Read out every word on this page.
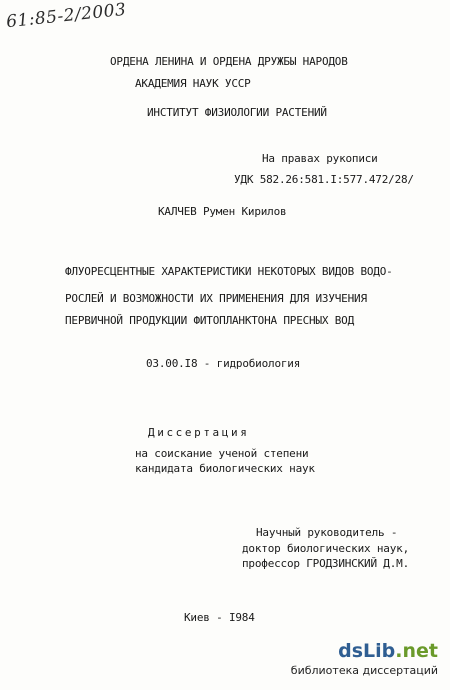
61:85-2/2003
ОРДЕНА ЛЕНИНА И ОРДЕНА ДРУЖБЫ НАРОДОВ
АКАДЕМИЯ НАУК УССР
ИНСТИТУТ ФИЗИОЛОГИИ РАСТЕНИЙ
На правах рукописи
УДК 582.26:581.I:577.472/28/
КАЛЧЕВ Румен Кирилов
ФЛУОРЕСЦЕНТНЫЕ ХАРАКТЕРИСТИКИ НЕКОТОРЫХ ВИДОВ ВОДО-
РОСЛЕЙ И ВОЗМОЖНОСТИ ИХ ПРИМЕНЕНИЯ ДЛЯ ИЗУЧЕНИЯ
ПЕРВИЧНОЙ ПРОДУКЦИИ ФИТОПЛАНКТОНА ПРЕСНЫХ ВОД
03.00.I8 - гидробиология
Диссертация
на соискание ученой степени
кандидата биологических наук
Научный руководитель -
доктор биологических наук,
профессор ГРОДЗИНСКИЙ Д.М.
Киев - I984
dsLib.net
библиотека диссертаций
